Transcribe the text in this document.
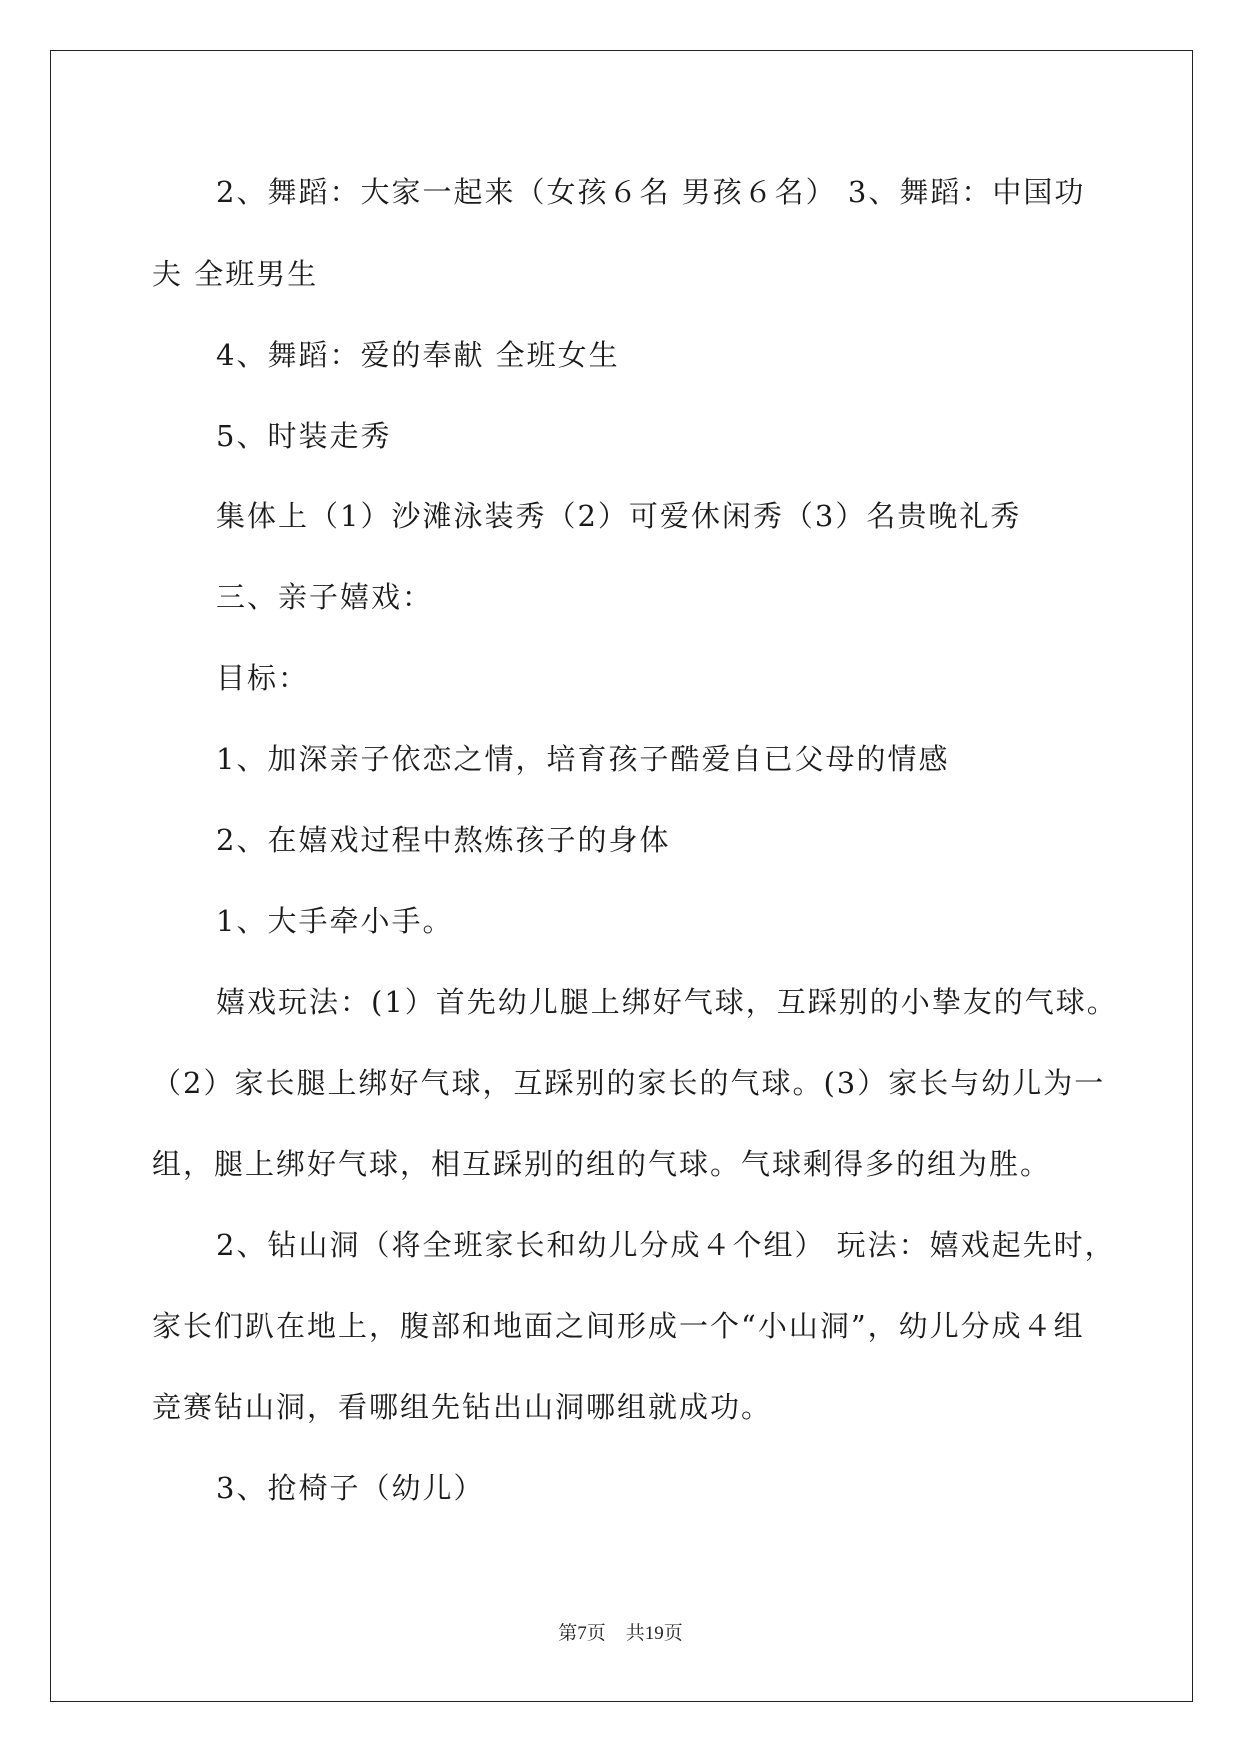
2、舞蹈：大家一起来（女孩６名 男孩６名） 3、舞蹈：中国功
夫 全班男生
4、舞蹈：爱的奉献 全班女生
5、时装走秀
集体上（1）沙滩泳装秀（2）可爱休闲秀（3）名贵晚礼秀
三、亲子嬉戏：
目标：
1、加深亲子依恋之情，培育孩子酷爱自已父母的情感
2、在嬉戏过程中熬炼孩子的身体
1、大手牵小手。
嬉戏玩法：(1）首先幼儿腿上绑好气球，互踩别的小挚友的气球。
（2）家长腿上绑好气球，互踩别的家长的气球。(3）家长与幼儿为一
组，腿上绑好气球，相互踩别的组的气球。气球剩得多的组为胜。
2、钻山洞（将全班家长和幼儿分成４个组） 玩法：嬉戏起先时，
家长们趴在地上，腹部和地面之间形成一个“小山洞”，幼儿分成４组
竞赛钻山洞，看哪组先钻出山洞哪组就成功。
3、抢椅子（幼儿）
第7页 共19页
